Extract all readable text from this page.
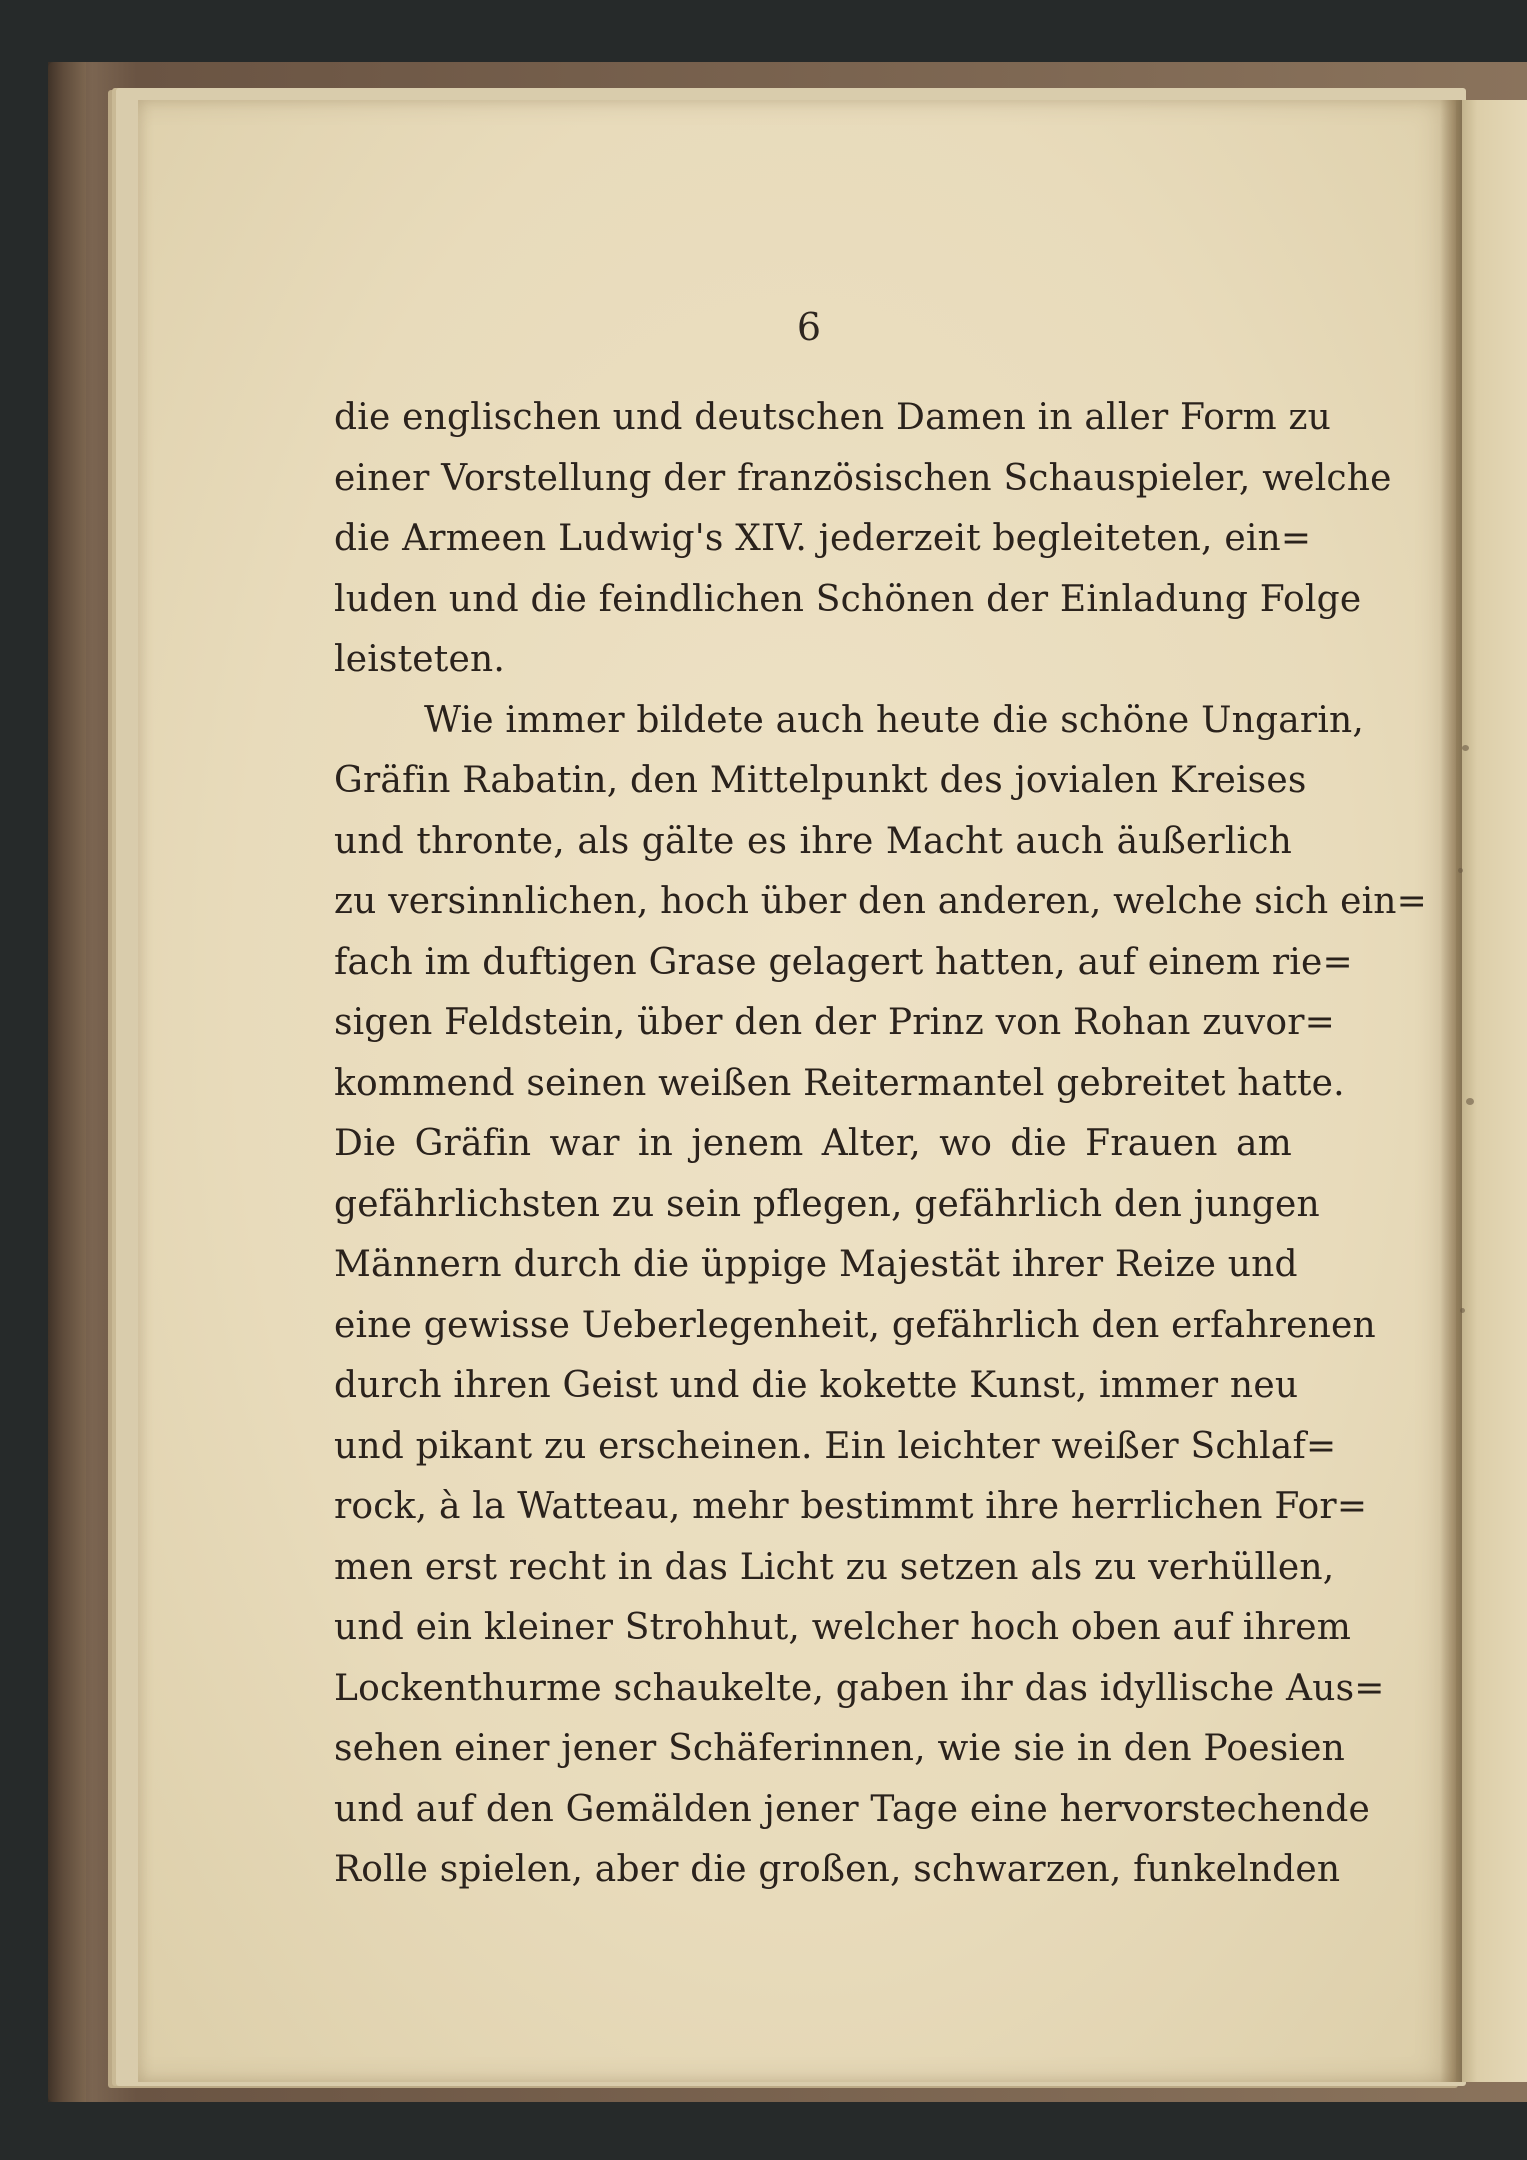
6
die englischen und deutschen Damen in aller Form zu
einer Vorstellung der französischen Schauspieler, welche
die Armeen Ludwig's XIV. jederzeit begleiteten, ein=
luden und die feindlichen Schönen der Einladung Folge
leisteten.
Wie immer bildete auch heute die schöne Ungarin,
Gräfin Rabatin, den Mittelpunkt des jovialen Kreises
und thronte, als gälte es ihre Macht auch äußerlich
zu versinnlichen, hoch über den anderen, welche sich ein=
fach im duftigen Grase gelagert hatten, auf einem rie=
sigen Feldstein, über den der Prinz von Rohan zuvor=
kommend seinen weißen Reitermantel gebreitet hatte.
Die Gräfin war in jenem Alter, wo die Frauen am
gefährlichsten zu sein pflegen, gefährlich den jungen
Männern durch die üppige Majestät ihrer Reize und
eine gewisse Ueberlegenheit, gefährlich den erfahrenen
durch ihren Geist und die kokette Kunst, immer neu
und pikant zu erscheinen. Ein leichter weißer Schlaf=
rock, à la Watteau, mehr bestimmt ihre herrlichen For=
men erst recht in das Licht zu setzen als zu verhüllen,
und ein kleiner Strohhut, welcher hoch oben auf ihrem
Lockenthurme schaukelte, gaben ihr das idyllische Aus=
sehen einer jener Schäferinnen, wie sie in den Poesien
und auf den Gemälden jener Tage eine hervorstechende
Rolle spielen, aber die großen, schwarzen, funkelnden
